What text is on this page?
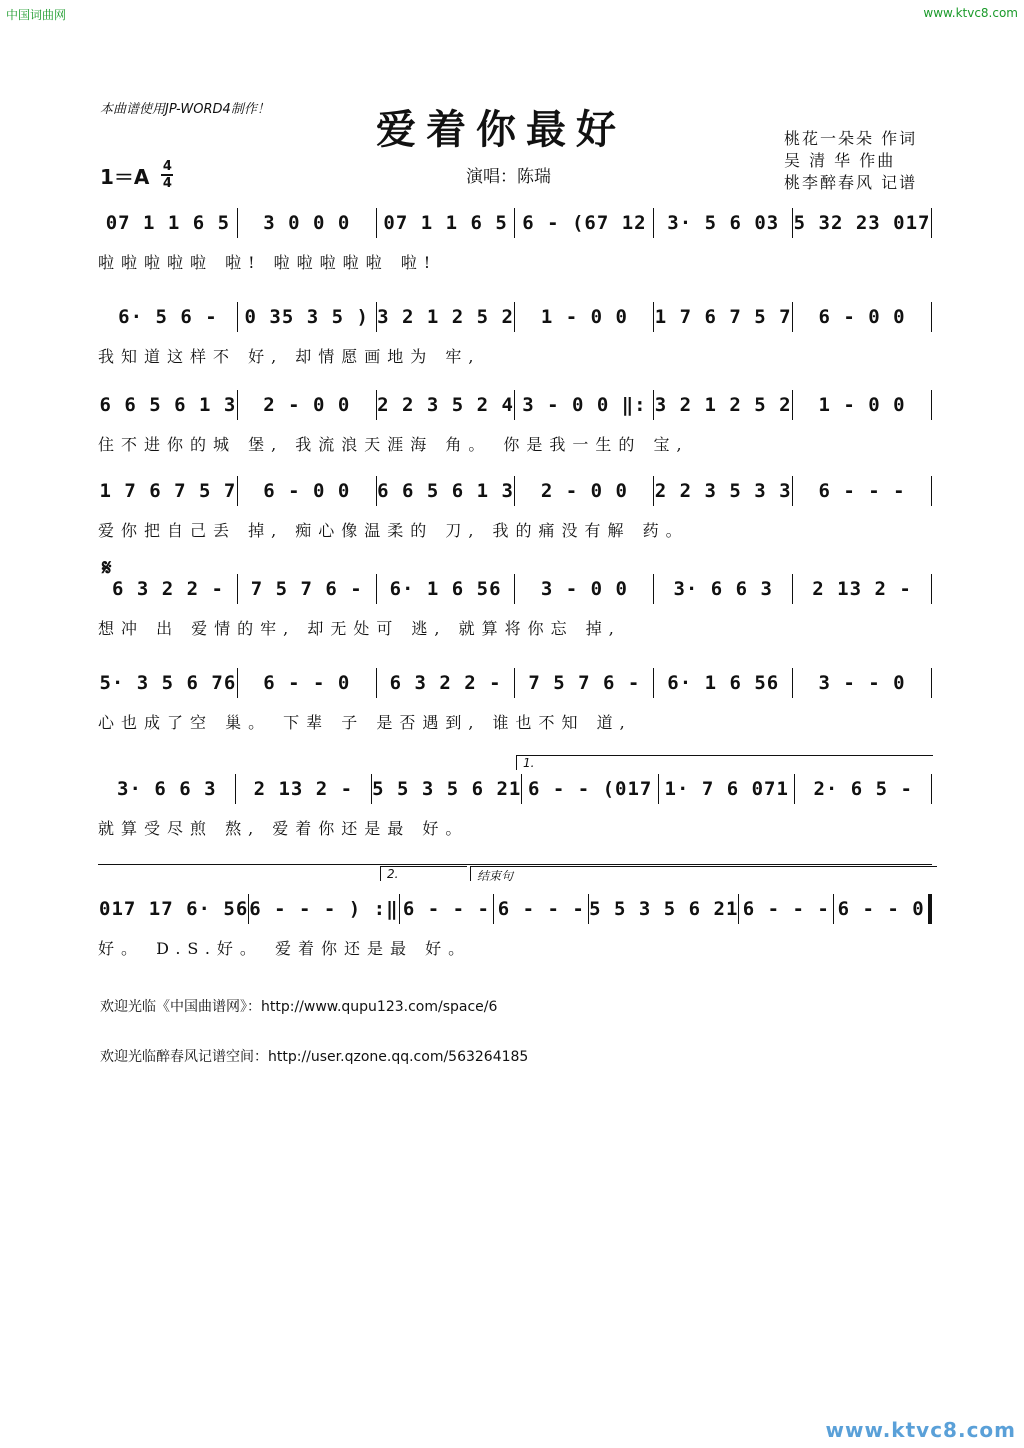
中国词曲网	www.ktvc8.com
本曲谱使用JP-WORD4制作！	爱着你最好	桃花一朵朵 作词
吴 清 华 作曲
桃李醉春风 记谱
1＝A 4
4	演唱：陈瑞
07 1 1 6 5	3 0 0 0	07 1 1 6 5 6 - (67 12	3· 5 6 03 5 32 23 017
啦啦啦啦啦 啦! 啦啦啦啦啦 啦!
6· 5 6 -	0 35 3 5 ) 3 2 1 2 5 2	1 - 0 0	1 7 6 7 5 7	6 - 0 0
我知道这样不 好, 却情愿画地为 牢,
6 6 5 6 1 3	2 - 0 0	2 2 3 5 2 4 3 - 0 0 ‖: 3 2 1 2 5 2	1 - 0 0
住不进你的城 堡, 我流浪天涯海 角。 你是我一生的 宝,
1 7 6 7 5 7	6 - 0 0	6 6 5 6 1 3	2 - 0 0	2 2 3 5 3 3	6 - - -
爱你把自己丢 掉, 痴心像温柔的 刀, 我的痛没有解 药。
𝄋
6 3 2 2 -	7 5 7 6 -	6· 1 6 56	3 - 0 0	3· 6 6 3	2 13 2 -
想冲 出 爱情的牢, 却无处可 逃, 就算将你忘 掉,
5· 3 5 6 76	6 - - 0	6 3 2 2 -	7 5 7 6 -	6· 1 6 56	3 - - 0
心也成了空 巢。 下辈 子 是否遇到, 谁也不知 道,
1.
3· 6 6 3	2 13 2 -	5 5 3 5 6 21 6 - - (017 1· 7 6 071	2· 6 5 -
就算受尽煎 熬, 爱着你还是最 好。
2.	结束句
017 17 6· 56 6 - - - ) :‖ 6 - - - 6 - - - 5 5 3 5 6 21 6 - - - 6 - - 0
好。 D.S.好。 爱着你还是最 好。
欢迎光临《中国曲谱网》：http://www.qupu123.com/space/6
欢迎光临醉春风记谱空间：http://user.qzone.qq.com/563264185
www.ktvc8.com
